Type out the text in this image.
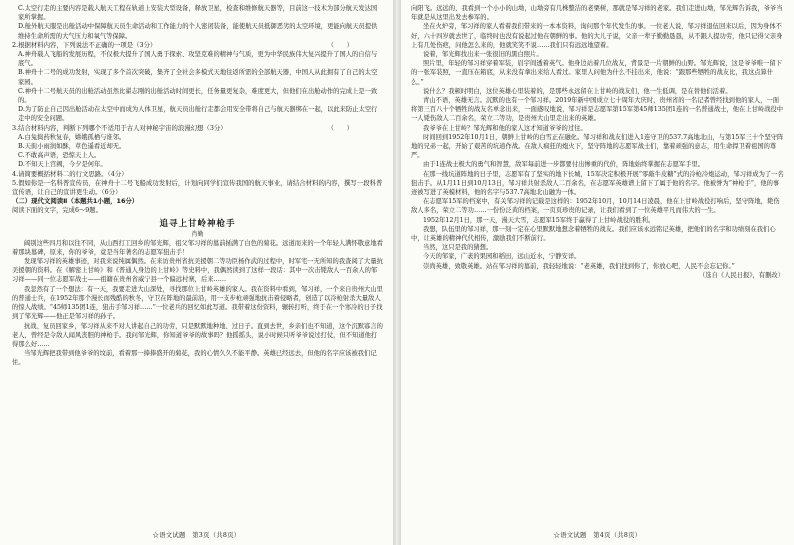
C.太空行走的主要内容是载人航天工程在轨道上安装大型设备，释放卫星，检查和维修航天器等，目前这一技术为部分航天发达国家所掌握。

D.舱外航天服是出舱活动中保障航天员生命活动和工作能力的个人密闭装备，能使航天员抵御恶劣的太空环境，更能向航天员提供维持生命所需的大气压力和氧气等保障。

2.根据材料内容，下列说法不正确的一项是（3分）	（　　）

A.神舟载人飞船的发展历程，不仅极大提升了国人勇于探索、攻坚克难的精神与气质，更为中华民族伟大复兴提升了国人的自信与底气。

B.神舟十二号的成功发射，实现了多个首次突破，集齐了全社会多模式天地往返所需的全部航天器，中国人从此拥有了自己的太空家园。

C.神舟十二号航天员的出舱活动虽然比翟志刚的出舱活动时间更长，任务量更复杂，难度更大，但他们在出舱动作的完成上是一致的。

D.为了防止自己因出舱活动在太空中而成为人体卫星，航天员出舱行走都会用安全带将自己与航天器绑在一起，以此来防止太空行走中的安全问题。

3.结合材料内容，判断下列哪个不适用于古人对神秘宇宙的浪漫幻想（3分）	（　　）

A.白兔捣药秋复春，嫦娥孤栖与谁邻。

B.天街小雨润如酥，草色遥看近却无。

C.不敢高声语，恐惊天上人。

D.不知天上宫阙，今夕是何年。

4.请简要概括材料二的行文思路。（4分）

5.假如你是一名科普宣传员，在神舟十二号飞船成功发射后，计划向同学们宣传我国的航天事业，请结合材料的内容，撰写一段科普宣传语，让自己的宣讲更生动。（6分）

（二）现代文阅读Ⅱ（本题共1小题，16分）

阅读下面的文字，完成6～9题。

追寻上甘岭神枪手

肖勤

阔别这些四月和以往不同，从山西打工回乡的邹光辉，祖父邹习祥的墓前插满了白色的菊花。远道而来的一个年轻人满怀敬意地看着那块墓碑，原来，你的爷爷，竟是当年著名的志愿军狙击手！

发现邹习祥的英雄事迹，对我来说纯属偶然。在来访贵州省抗美援朝二等功臣杨作武的过程中，时军宅一无所知的我查阅了大量抗美援朝的资料。在《解密上甘岭》和《普通人身边的上甘岭》等史料中，我偶然读到了这样一段话：其中一次击毙敌人一百余人的邹习祥——同一位志愿军战士——祖籍在贵州省威宁县一个偏远村寨，后来……

我忽然有了一个想法：有一天，我要走进大山深处，寻找那位上甘岭英雄的家人。我在资料中看到，邹习祥，一个来自贵州大山里的普通士兵，在1952年那个漫长而残酷的秋冬，守卫在阵地的最前沿，用一支步枪顽强地抗击着侵略者，创造了以冷枪射杀大量敌人的惊人战绩。“45师135团1连，狙击手邹习祥……”一位老兵的回忆如此写道。我带着这份资料，辗转打听，终于在一个寒冷的日子找到了邹光辉——他正是邹习祥的孙子。

抗战、复员回家乡，邹习祥从来不对人讲起自己的功劳，只是默默地种地、过日子。直到去世，乡亲们也不知道，这个沉默寡言的老人，曾经是令敌人闻风丧胆的神枪手。我问邹光辉，你知道爷爷的故事吗？他摇摇头，说小时候只听爷爷说过打仗，但不知道他打得那么好……

当邹光辉把我带到他爷爷的坟前，看着那一捧捧盛开的菊花，我的心情久久不能平静。英雄已经远去，但他的名字应该被我们记住。

☆语文试题　第3页（共8页）

向阳飞。远远的，我看到一个小小的山坳，山坳旁有几株整洁的老栗树，那就是邹习祥的老家。我们走进山坳，邹光辉告诉我，爷爷当年就是从这里出发去参军的。

坐在火炉旁，邹习祥的家人看着我们带来的一本本资料，询问那个年代发生的事。一位老人说，邹习祥退伍回来以后，因为身体不好，六十四岁就去世了，临终时也没有说起过他在朝鲜的事。他的大儿子说，父亲一辈子勤勤恳恳，从不跟人提功劳，他只记得父亲身上有几处伤疤，问他怎么来的，他就笑笑不说……我们只有远远地望着。

说着，邹光辉找出来一张很旧的黑白照片。

照片里，年轻的邹习祥穿着军装，眉宇间透着英气。他身边站着几位战友，背景是一片朝鲜的山野。邹光辉说，这是爷爷唯一留下的一张军装照，一直压在箱底，从来没有拿出来给人看过。家里人问他为什么不挂出来，他说：“跟那些牺牲的战友比，我这点算什么。”

说什么？我顿时明白，这位英雄心里装着的，是那些永远留在上甘岭的战友们，他一生低调，是在替他们活着。

青山不语，英雄无言。沉默的也有一个邹习祥。2019年新中国成立七十周年大庆时，贵州省的一名记者曾经找到他的家人，一面将第三百八十个牺牲的战友名单念出来，一面感叹地说，邹习祥是志愿军第15军第45师135团1连的一名普通战士，他在上甘岭战役中一人毙伤敌人二百余名，荣立二等功，是贵州大山里走出来的英雄。

我爷爷在上甘岭？邹光辉和他的家人这才知道爷爷的过往。

时间回到1952年10月1日，朝鲜上甘岭的白雪正在融化。邹习祥和战友们进入1连守卫的537.7高地北山，与第15军三十个坚守阵地的兄弟一起，开始了艰苦的坑道作战。在敌人疯狂的炮火下，坚守阵地的志愿军战士们，靠着顽强的意志，用生命捍卫着祖国的尊严。

由于1连战士极大的勇气和智慧，敌军每前进一步都要付出惨重的代价，阵地始终掌握在志愿军手里。

在那一线坑道阵地的日子里，志愿军有了坚实的地下长城，15军决定积极开展“零敲牛皮糖”式的冷枪冷炮运动，邹习祥成为了一名狙击手。从1月11日到10月13日，邹习祥共射杀敌人二百余名，在志愿军英雄谱上留下了属于他的名字。他被誉为“神枪手”，他的事迹被写进了英模材料，他的名字与537.7高地北山融为一体。

在志愿军15军的档案中，有关邹习祥的记载是这样的：1952年10月，10月14日凌晨，他在上甘岭战役打响后，坚守阵地，毙伤敌人多名，荣立二等功……一份份泛黄的档案，一页页珍贵的记录，让我们看到了一位英雄平凡而伟大的一生。

1952年12月1日，那一天，漫天大雪，志愿军15军终于赢得了上甘岭战役的胜利。

我想，队伍里的邹习祥，那一刻一定在心里默默地想念着牺牲的战友。我们应该永远铭记英雄，把他们的名字和功绩刻在我们心中，让英雄的精神代代相传，激励我们不断前行。

当然，这只是我的猜想。

今天的邹家，广袤的果园和稻田，远山近水，宁静安详。

崇尚英雄，致敬英雄。站在邹习祥的墓前，我轻轻地说：“老英雄，我们找到你了，你放心吧，人民不会忘记你。”

（选自《人民日报》，有删改）

☆语文试题　第4页（共8页）
